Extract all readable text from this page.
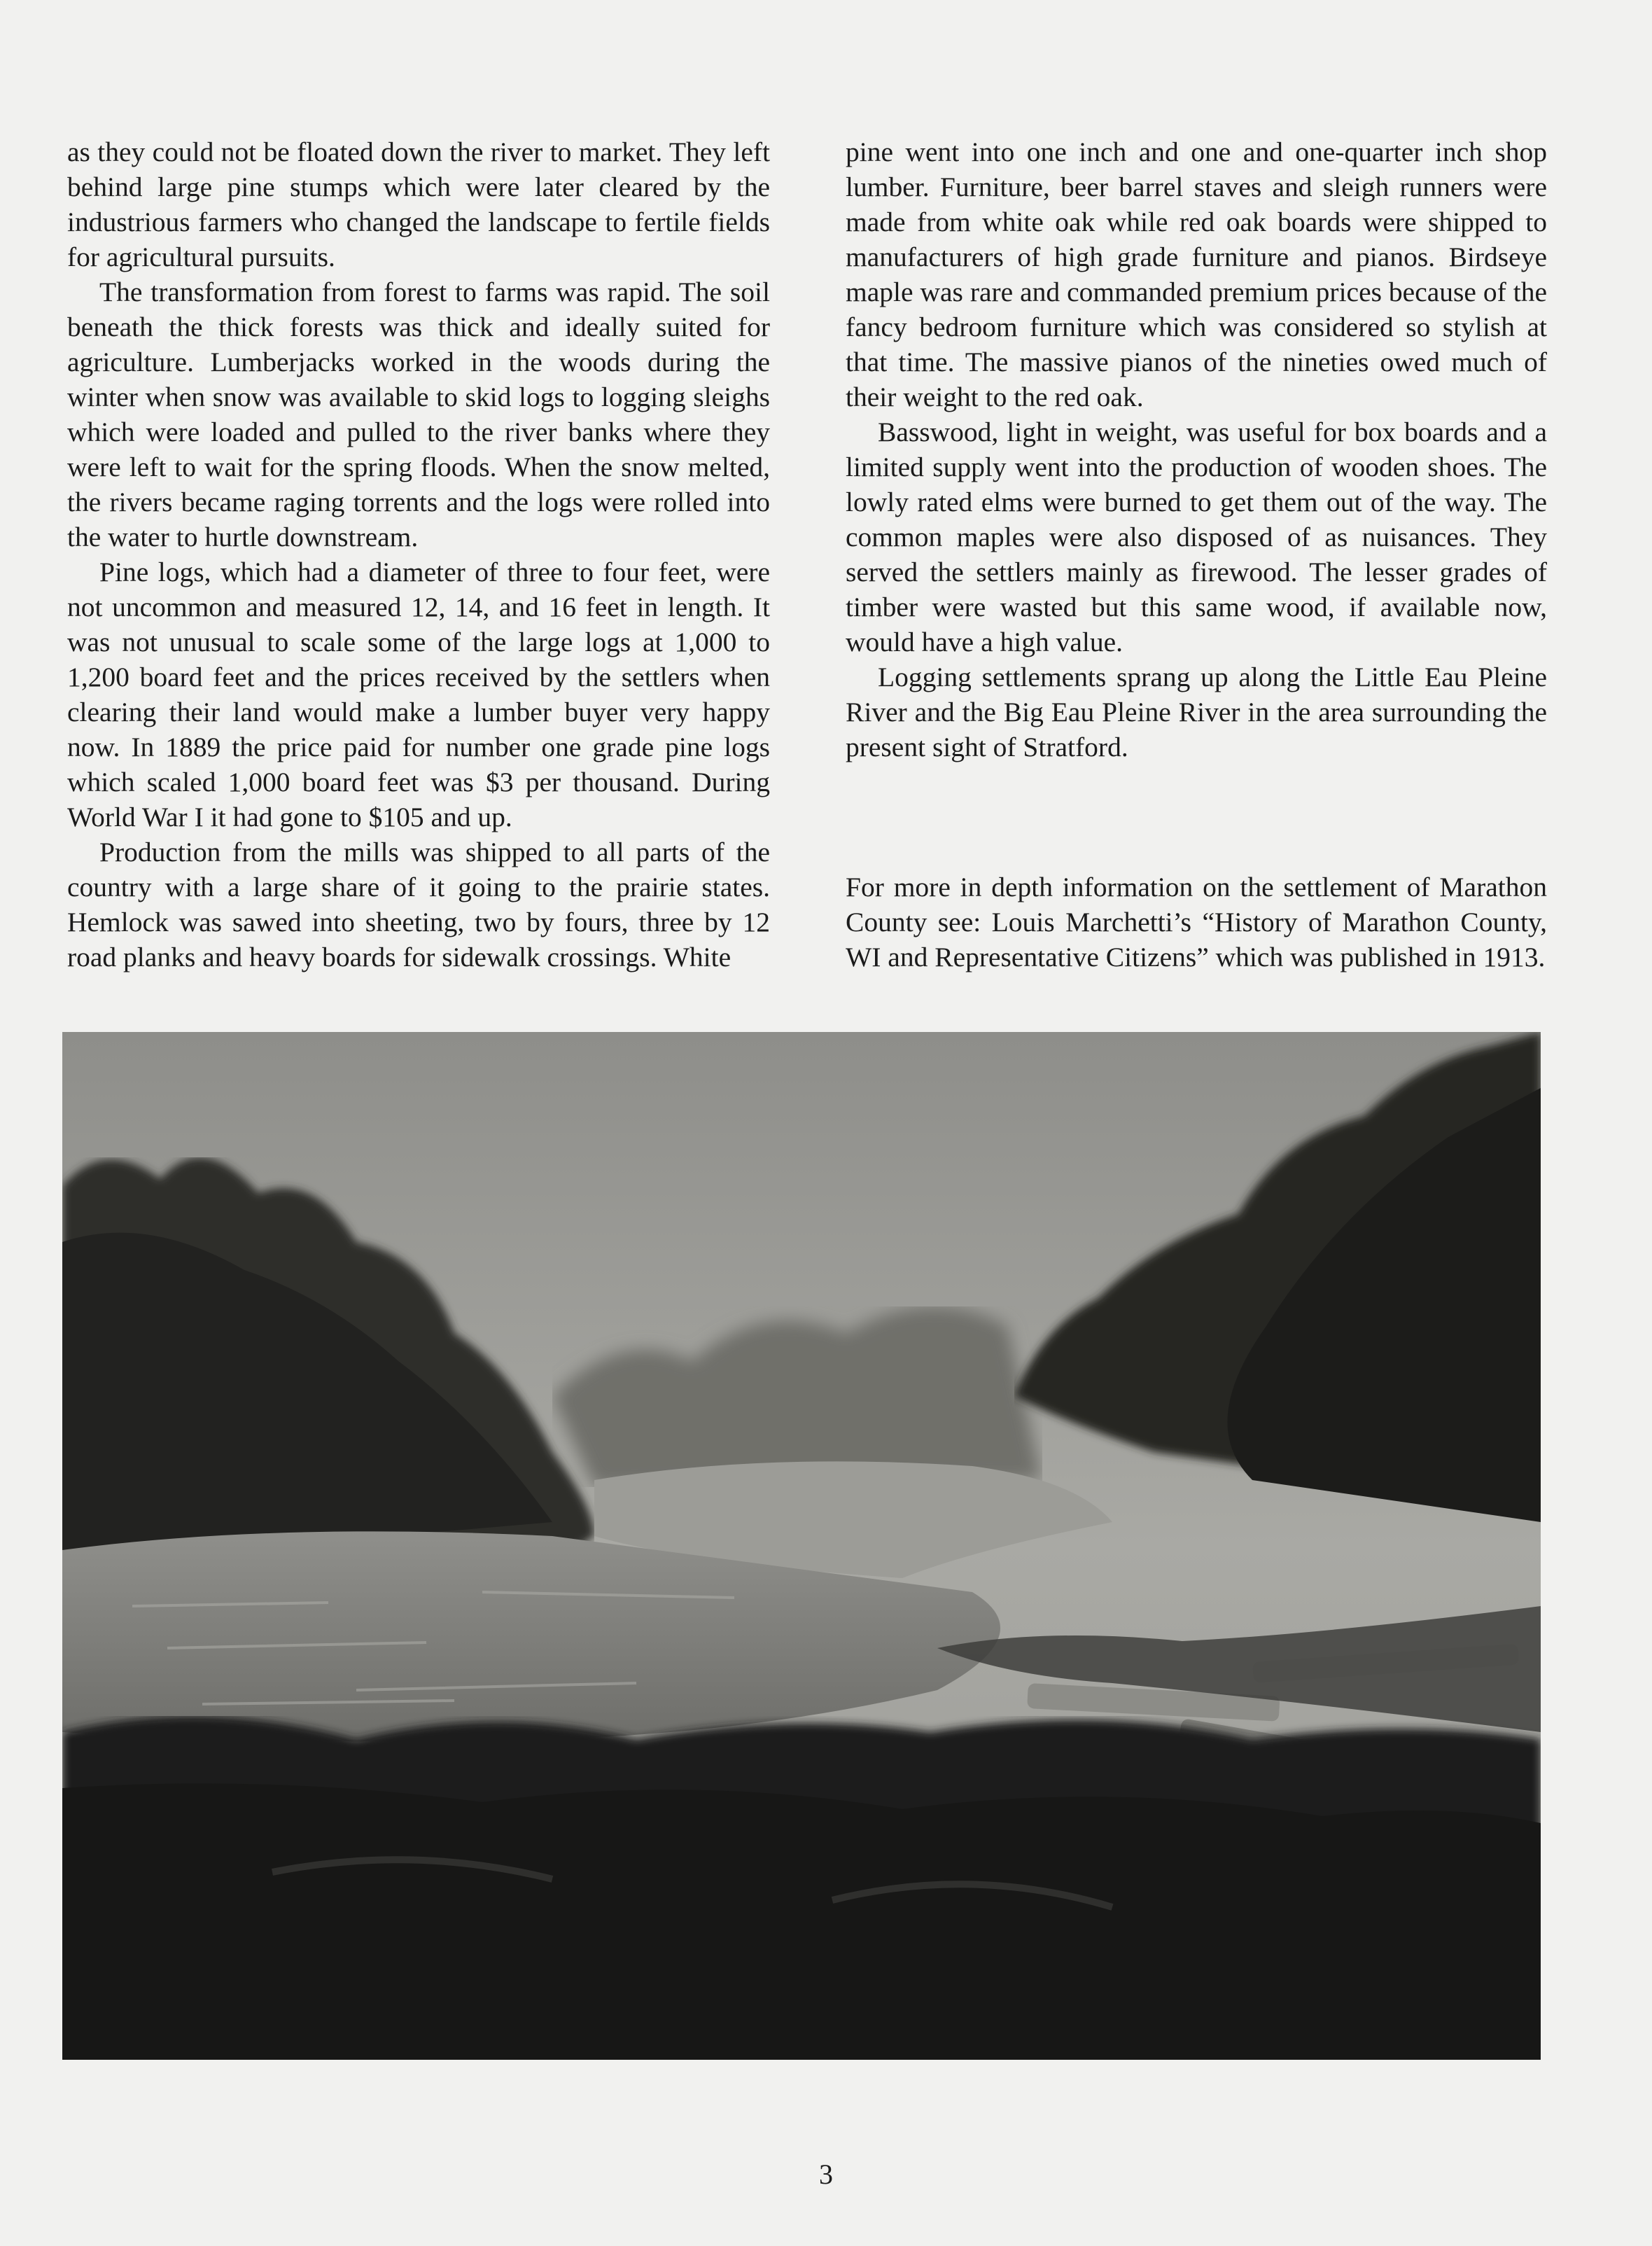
as they could not be floated down the river to market. They left behind large pine stumps which were later cleared by the industrious farmers who changed the landscape to fertile fields for agricultural pursuits.

The transformation from forest to farms was rapid. The soil beneath the thick forests was thick and ideally suited for agriculture. Lumberjacks worked in the woods during the winter when snow was available to skid logs to logging sleighs which were loaded and pulled to the river banks where they were left to wait for the spring floods. When the snow melted, the rivers became raging torrents and the logs were rolled into the water to hurtle downstream.

Pine logs, which had a diameter of three to four feet, were not uncommon and measured 12, 14, and 16 feet in length. It was not unusual to scale some of the large logs at 1,000 to 1,200 board feet and the prices received by the settlers when clearing their land would make a lumber buyer very happy now. In 1889 the price paid for number one grade pine logs which scaled 1,000 board feet was $3 per thousand. During World War I it had gone to $105 and up.

Production from the mills was shipped to all parts of the country with a large share of it going to the prairie states. Hemlock was sawed into sheeting, two by fours, three by 12 road planks and heavy boards for sidewalk crossings. White

pine went into one inch and one and one-quarter inch shop lumber. Furniture, beer barrel staves and sleigh runners were made from white oak while red oak boards were shipped to manufacturers of high grade furniture and pianos. Birdseye maple was rare and commanded premium prices because of the fancy bedroom furniture which was considered so stylish at that time. The massive pianos of the nineties owed much of their weight to the red oak.

Basswood, light in weight, was useful for box boards and a limited supply went into the production of wooden shoes. The lowly rated elms were burned to get them out of the way. The common maples were also disposed of as nuisances. They served the settlers mainly as firewood. The lesser grades of timber were wasted but this same wood, if available now, would have a high value.

Logging settlements sprang up along the Little Eau Pleine River and the Big Eau Pleine River in the area surrounding the present sight of Stratford.

For more in depth information on the settlement of Marathon County see: Louis Marchetti’s “History of Marathon County, WI and Representative Citizens” which was published in 1913.

3
